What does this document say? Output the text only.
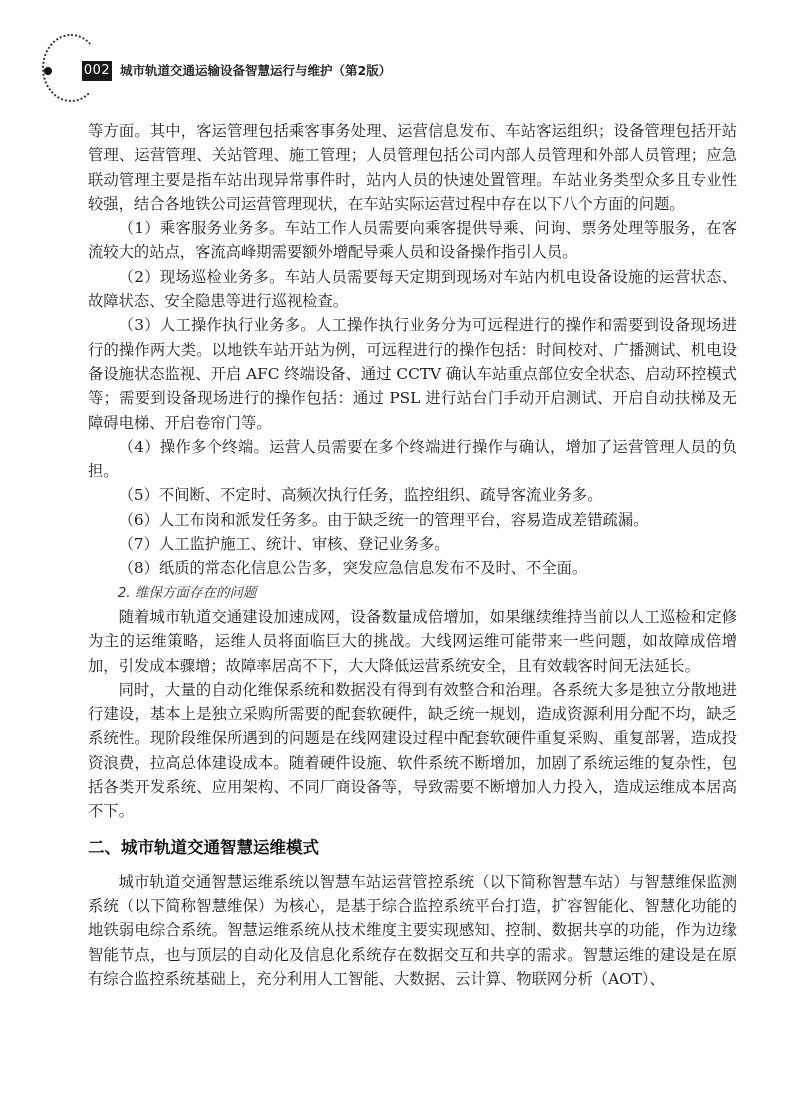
002 城市轨道交通运输设备智慧运行与维护（第2版）

等方面。其中，客运管理包括乘客事务处理、运营信息发布、车站客运组织；设备管理包括开站管理、运营管理、关站管理、施工管理；人员管理包括公司内部人员管理和外部人员管理；应急联动管理主要是指车站出现异常事件时，站内人员的快速处置管理。车站业务类型众多且专业性较强，结合各地铁公司运营管理现状，在车站实际运营过程中存在以下八个方面的问题。

（1）乘客服务业务多。车站工作人员需要向乘客提供导乘、问询、票务处理等服务，在客流较大的站点，客流高峰期需要额外增配导乘人员和设备操作指引人员。

（2）现场巡检业务多。车站人员需要每天定期到现场对车站内机电设备设施的运营状态、故障状态、安全隐患等进行巡视检查。

（3）人工操作执行业务多。人工操作执行业务分为可远程进行的操作和需要到设备现场进行的操作两大类。以地铁车站开站为例，可远程进行的操作包括：时间校对、广播测试、机电设备设施状态监视、开启 AFC 终端设备、通过 CCTV 确认车站重点部位安全状态、启动环控模式等；需要到设备现场进行的操作包括：通过 PSL 进行站台门手动开启测试、开启自动扶梯及无障碍电梯、开启卷帘门等。

（4）操作多个终端。运营人员需要在多个终端进行操作与确认，增加了运营管理人员的负担。

（5）不间断、不定时、高频次执行任务，监控组织、疏导客流业务多。

（6）人工布岗和派发任务多。由于缺乏统一的管理平台，容易造成差错疏漏。

（7）人工监护施工、统计、审核、登记业务多。

（8）纸质的常态化信息公告多，突发应急信息发布不及时、不全面。

2. 维保方面存在的问题

随着城市轨道交通建设加速成网，设备数量成倍增加，如果继续维持当前以人工巡检和定修为主的运维策略，运维人员将面临巨大的挑战。大线网运维可能带来一些问题，如故障成倍增加，引发成本骤增；故障率居高不下，大大降低运营系统安全，且有效载客时间无法延长。

同时，大量的自动化维保系统和数据没有得到有效整合和治理。各系统大多是独立分散地进行建设，基本上是独立采购所需要的配套软硬件，缺乏统一规划，造成资源利用分配不均，缺乏系统性。现阶段维保所遇到的问题是在线网建设过程中配套软硬件重复采购、重复部署，造成投资浪费，拉高总体建设成本。随着硬件设施、软件系统不断增加，加剧了系统运维的复杂性，包括各类开发系统、应用架构、不同厂商设备等，导致需要不断增加人力投入，造成运维成本居高不下。

二、城市轨道交通智慧运维模式

城市轨道交通智慧运维系统以智慧车站运营管控系统（以下简称智慧车站）与智慧维保监测系统（以下简称智慧维保）为核心，是基于综合监控系统平台打造，扩容智能化、智慧化功能的地铁弱电综合系统。智慧运维系统从技术维度主要实现感知、控制、数据共享的功能，作为边缘智能节点，也与顶层的自动化及信息化系统存在数据交互和共享的需求。智慧运维的建设是在原有综合监控系统基础上，充分利用人工智能、大数据、云计算、物联网分析（AOT）、
